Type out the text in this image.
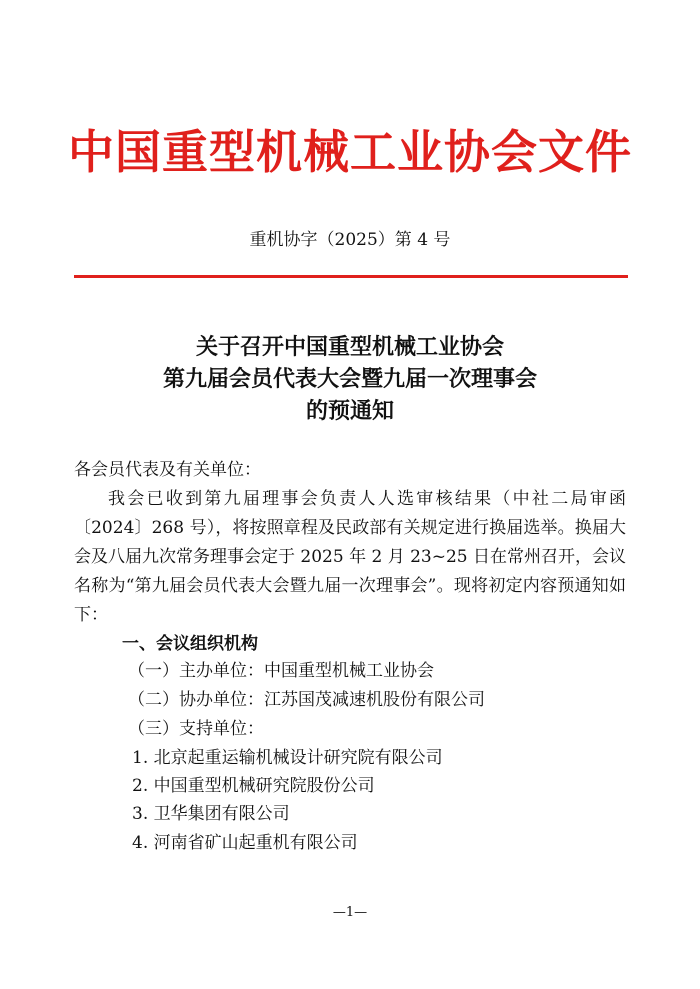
中国重型机械工业协会文件
重机协字（2025）第 4 号
关于召开中国重型机械工业协会
第九届会员代表大会暨九届一次理事会
的预通知
各会员代表及有关单位：
我会已收到第九届理事会负责人人选审核结果（中社二局审函〔2024〕268 号），将按照章程及民政部有关规定进行换届选举。换届大会及八届九次常务理事会定于 2025 年 2 月 23~25 日在常州召开，会议名称为“第九届会员代表大会暨九届一次理事会”。现将初定内容预通知如下：
一、会议组织机构
（一）主办单位：中国重型机械工业协会
（二）协办单位：江苏国茂减速机股份有限公司
（三）支持单位：
1. 北京起重运输机械设计研究院有限公司
2. 中国重型机械研究院股份公司
3. 卫华集团有限公司
4. 河南省矿山起重机有限公司
—1—
